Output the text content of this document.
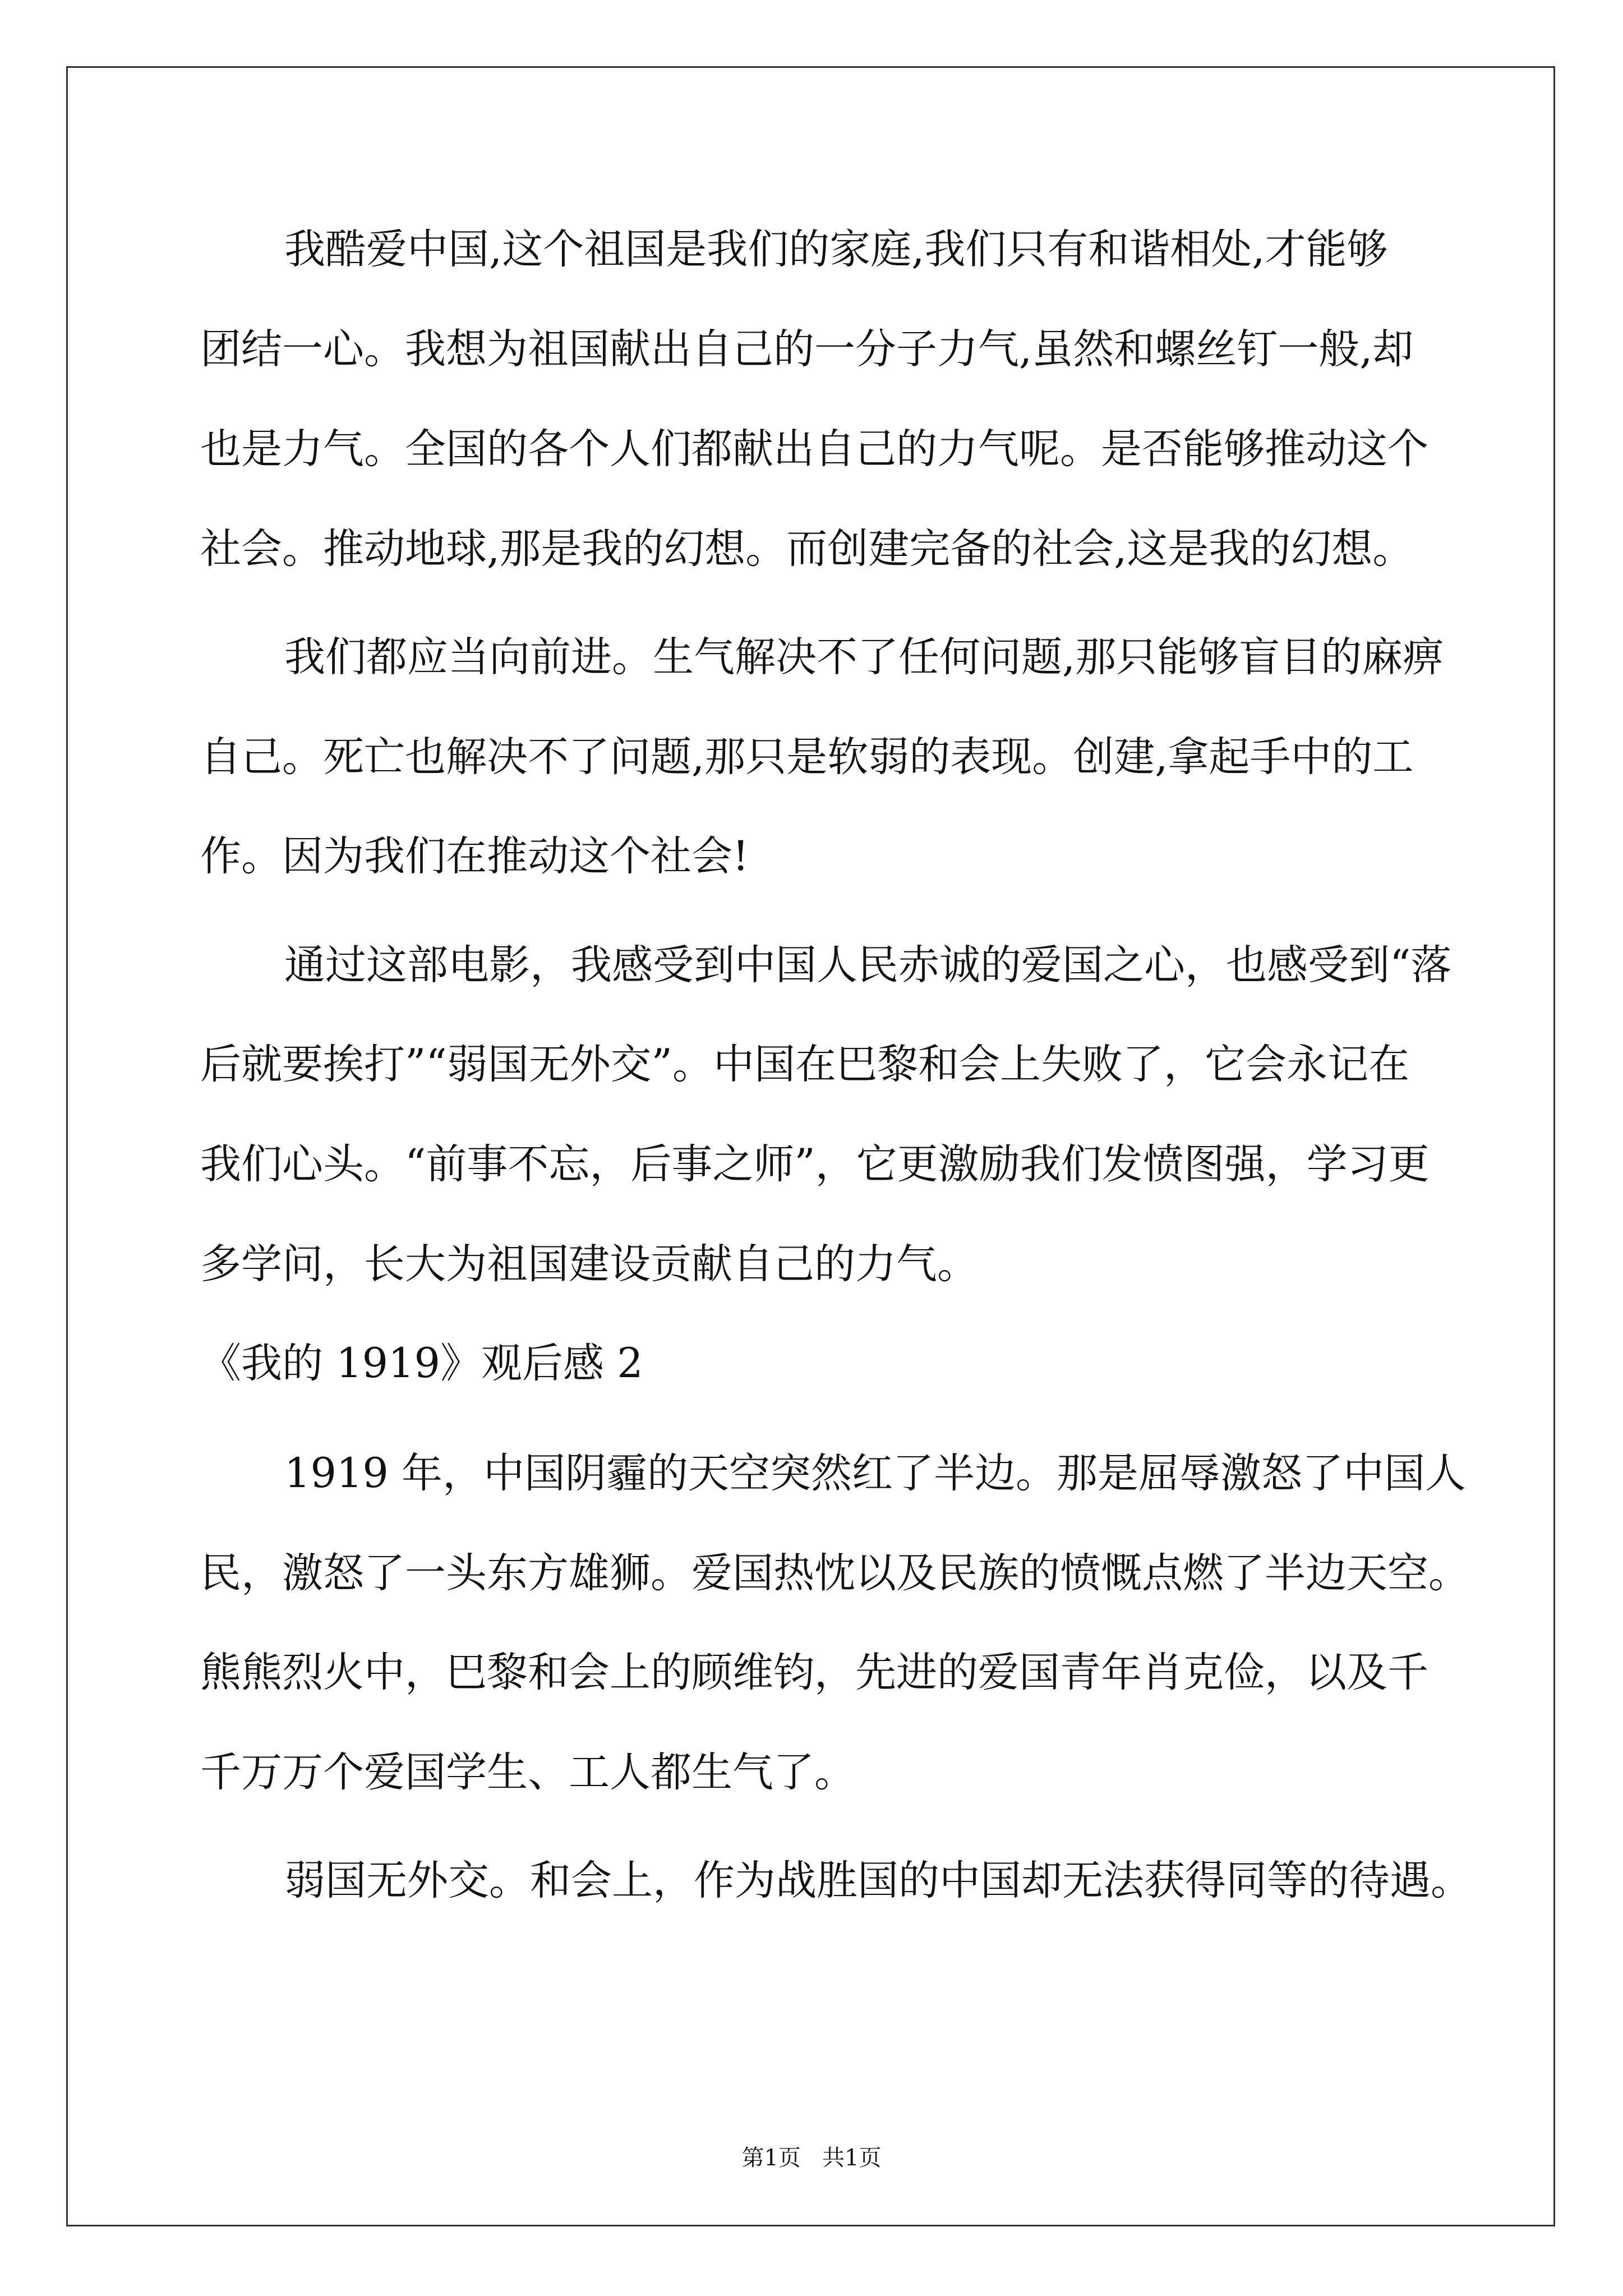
我酷爱中国,这个祖国是我们的家庭,我们只有和谐相处,才能够

团结一心。我想为祖国献出自己的一分子力气,虽然和螺丝钉一般,却

也是力气。全国的各个人们都献出自己的力气呢。是否能够推动这个

社会。推动地球,那是我的幻想。而创建完备的社会,这是我的幻想。

我们都应当向前进。生气解决不了任何问题,那只能够盲目的麻痹

自己。死亡也解决不了问题,那只是软弱的表现。创建,拿起手中的工

作。因为我们在推动这个社会!

通过这部电影，我感受到中国人民赤诚的爱国之心，也感受到“落

后就要挨打”“弱国无外交”。中国在巴黎和会上失败了，它会永记在

我们心头。“前事不忘，后事之师”，它更激励我们发愤图强，学习更

多学问，长大为祖国建设贡献自己的力气。

《我的 1919》观后感 2

1919 年，中国阴霾的天空突然红了半边。那是屈辱激怒了中国人

民，激怒了一头东方雄狮。爱国热忱以及民族的愤慨点燃了半边天空。

熊熊烈火中，巴黎和会上的顾维钧，先进的爱国青年肖克俭，以及千

千万万个爱国学生、工人都生气了。

弱国无外交。和会上，作为战胜国的中国却无法获得同等的待遇。

第1页   共1页
